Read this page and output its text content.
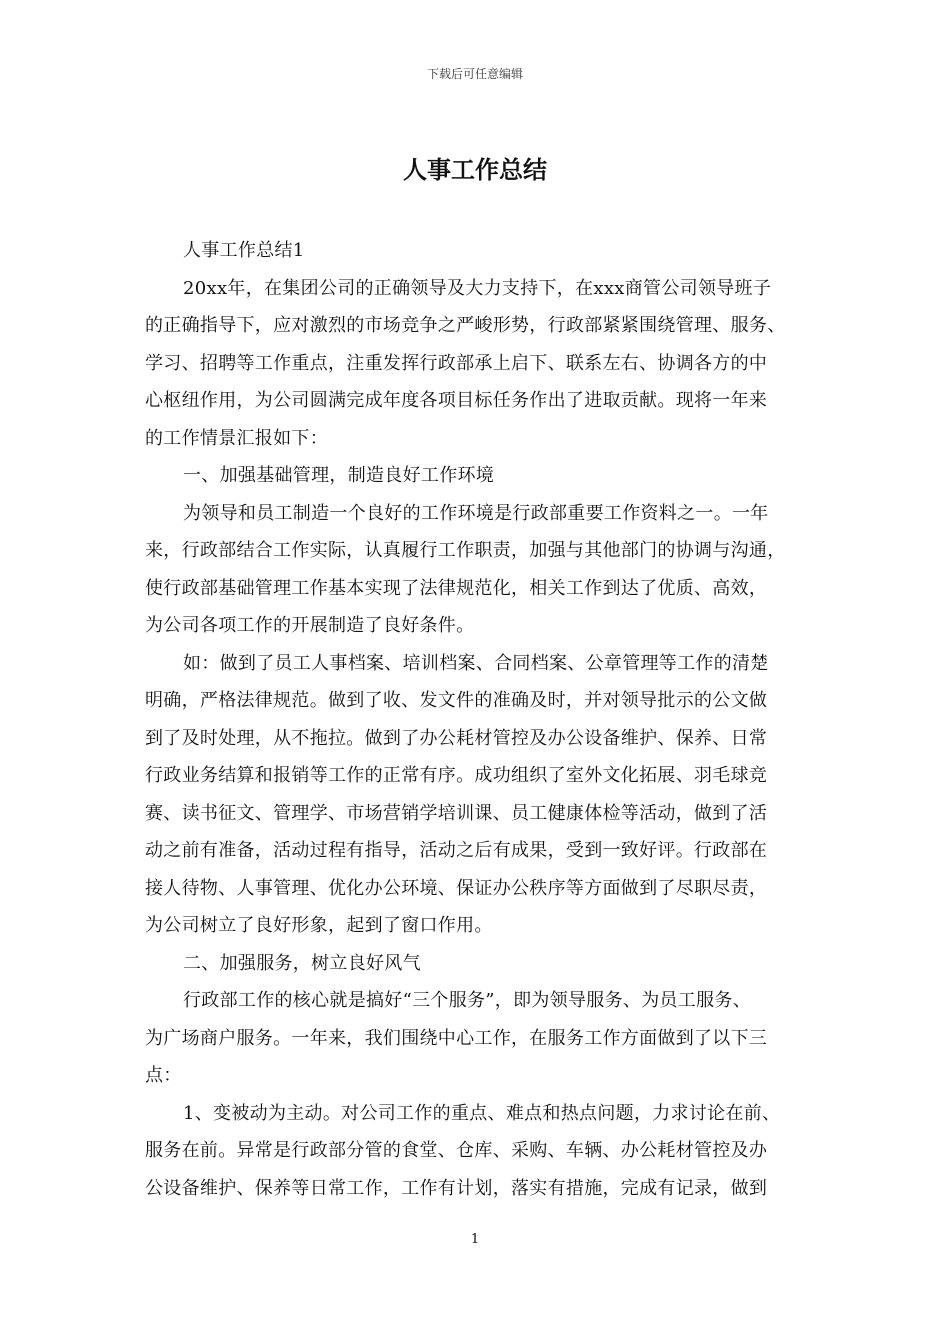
下载后可任意编辑
人事工作总结
人事工作总结1
20xx年，在集团公司的正确领导及大力支持下，在xxx商管公司领导班子
的正确指导下，应对激烈的市场竞争之严峻形势，行政部紧紧围绕管理、服务、
学习、招聘等工作重点，注重发挥行政部承上启下、联系左右、协调各方的中
心枢纽作用，为公司圆满完成年度各项目标任务作出了进取贡献。现将一年来
的工作情景汇报如下：
一、加强基础管理，制造良好工作环境
为领导和员工制造一个良好的工作环境是行政部重要工作资料之一。一年
来，行政部结合工作实际，认真履行工作职责，加强与其他部门的协调与沟通，
使行政部基础管理工作基本实现了法律规范化，相关工作到达了优质、高效，
为公司各项工作的开展制造了良好条件。
如：做到了员工人事档案、培训档案、合同档案、公章管理等工作的清楚
明确，严格法律规范。做到了收、发文件的准确及时，并对领导批示的公文做
到了及时处理，从不拖拉。做到了办公耗材管控及办公设备维护、保养、日常
行政业务结算和报销等工作的正常有序。成功组织了室外文化拓展、羽毛球竞
赛、读书征文、管理学、市场营销学培训课、员工健康体检等活动，做到了活
动之前有准备，活动过程有指导，活动之后有成果，受到一致好评。行政部在
接人待物、人事管理、优化办公环境、保证办公秩序等方面做到了尽职尽责，
为公司树立了良好形象，起到了窗口作用。
二、加强服务，树立良好风气
行政部工作的核心就是搞好“三个服务”，即为领导服务、为员工服务、
为广场商户服务。一年来，我们围绕中心工作，在服务工作方面做到了以下三
点：
1、变被动为主动。对公司工作的重点、难点和热点问题，力求讨论在前、
服务在前。异常是行政部分管的食堂、仓库、采购、车辆、办公耗材管控及办
公设备维护、保养等日常工作，工作有计划，落实有措施，完成有记录，做到
1
